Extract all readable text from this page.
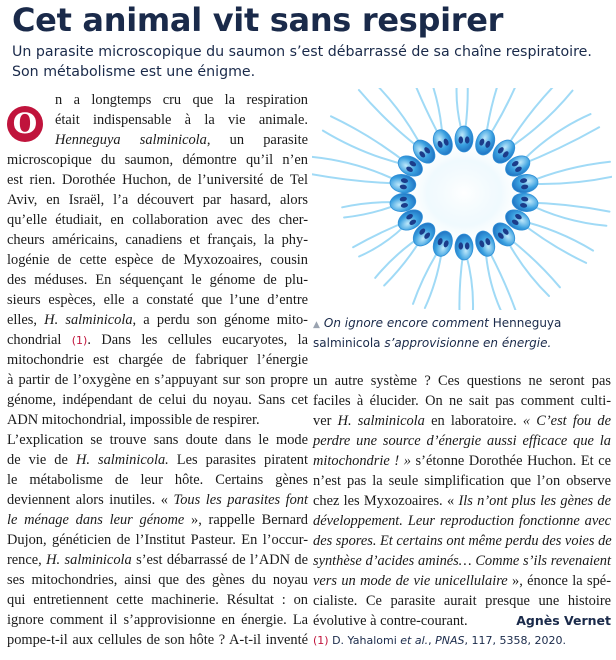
Cet animal vit sans respirer
Un parasite microscopique du saumon s’est débarrassé de sa chaîne respiratoire.
Son métabolisme est une énigme.
O
n a longtemps cru que la respiration
était indispensable à la vie animale.
Henneguya salminicola, un parasite
microscopique du saumon, démontre qu’il n’en
est rien. Dorothée Huchon, de l’université de Tel
Aviv, en Israël, l’a découvert par hasard, alors
qu’elle étudiait, en collaboration avec des cher-
cheurs américains, canadiens et français, la phy-
logénie de cette espèce de Myxozoaires, cousin
des méduses. En séquençant le génome de plu-
sieurs espèces, elle a constaté que l’une d’entre
elles, H. salminicola, a perdu son génome mito-
chondrial (1). Dans les cellules eucaryotes, la
mitochondrie est chargée de fabriquer l’énergie
à partir de l’oxygène en s’appuyant sur son propre
génome, indépendant de celui du noyau. Sans cet
ADN mitochondrial, impossible de respirer.
L’explication se trouve sans doute dans le mode
de vie de H. salminicola. Les parasites piratent
le métabolisme de leur hôte. Certains gènes
deviennent alors inutiles. « Tous les parasites font
le ménage dans leur génome », rappelle Bernard
Dujon, généticien de l’Institut Pasteur. En l’occur-
rence, H. salminicola s’est débarrassé de l’ADN de
ses mitochondries, ainsi que des gènes du noyau
qui entretiennent cette machinerie. Résultat : on
ignore comment il s’approvisionne en énergie. La
pompe-t-il aux cellules de son hôte ? A-t-il inventé
▲ On ignore encore comment Henneguya
salminicola s’approvisionne en énergie.
un autre système ? Ces questions ne seront pas
faciles à élucider. On ne sait pas comment culti-
ver H. salminicola en laboratoire. « C’est fou de
perdre une source d’énergie aussi efficace que la
mitochondrie ! » s’étonne Dorothée Huchon. Et ce
n’est pas la seule simplification que l’on observe
chez les Myxozoaires. « Ils n’ont plus les gènes de
développement. Leur reproduction fonctionne avec
des spores. Et certains ont même perdu des voies de
synthèse d’acides aminés… Comme s’ils revenaient
vers un mode de vie unicellulaire », énonce la spé-
cialiste. Ce parasite aurait presque une histoire
évolutive à contre-courant.	Agnès Vernet
(1) D. Yahalomi et al., PNAS, 117, 5358, 2020.
